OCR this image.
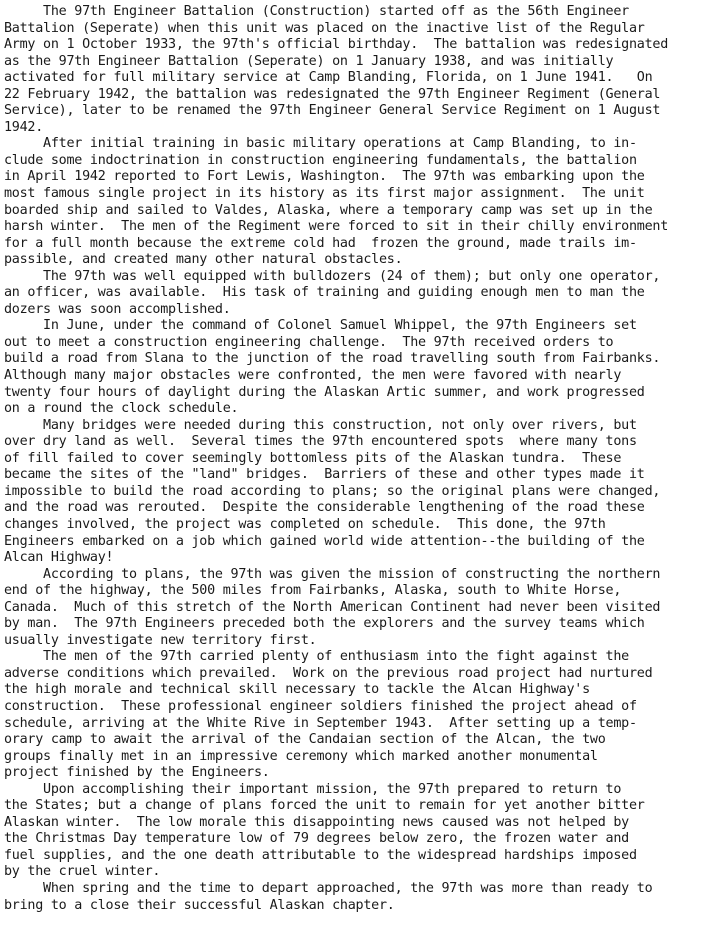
The 97th Engineer Battalion (Construction) started off as the 56th Engineer
Battalion (Seperate) when this unit was placed on the inactive list of the Regular
Army on 1 October 1933, the 97th's official birthday.  The battalion was redesignated
as the 97th Engineer Battalion (Seperate) on 1 January 1938, and was initially
activated for full military service at Camp Blanding, Florida, on 1 June 1941.   On
22 February 1942, the battalion was redesignated the 97th Engineer Regiment (General
Service), later to be renamed the 97th Engineer General Service Regiment on 1 August
1942.
After initial training in basic military operations at Camp Blanding, to in-
clude some indoctrination in construction engineering fundamentals, the battalion
in April 1942 reported to Fort Lewis, Washington.  The 97th was embarking upon the
most famous single project in its history as its first major assignment.  The unit
boarded ship and sailed to Valdes, Alaska, where a temporary camp was set up in the
harsh winter.  The men of the Regiment were forced to sit in their chilly environment
for a full month because the extreme cold had  frozen the ground, made trails im-
passible, and created many other natural obstacles.
The 97th was well equipped with bulldozers (24 of them); but only one operator,
an officer, was available.  His task of training and guiding enough men to man the
dozers was soon accomplished.
In June, under the command of Colonel Samuel Whippel, the 97th Engineers set
out to meet a construction engineering challenge.  The 97th received orders to
build a road from Slana to the junction of the road travelling south from Fairbanks.
Although many major obstacles were confronted, the men were favored with nearly
twenty four hours of daylight during the Alaskan Artic summer, and work progressed
on a round the clock schedule.
Many bridges were needed during this construction, not only over rivers, but
over dry land as well.  Several times the 97th encountered spots  where many tons
of fill failed to cover seemingly bottomless pits of the Alaskan tundra.  These
became the sites of the "land" bridges.  Barriers of these and other types made it
impossible to build the road according to plans; so the original plans were changed,
and the road was rerouted.  Despite the considerable lengthening of the road these
changes involved, the project was completed on schedule.  This done, the 97th
Engineers embarked on a job which gained world wide attention--the building of the
Alcan Highway!
According to plans, the 97th was given the mission of constructing the northern
end of the highway, the 500 miles from Fairbanks, Alaska, south to White Horse,
Canada.  Much of this stretch of the North American Continent had never been visited
by man.  The 97th Engineers preceded both the explorers and the survey teams which
usually investigate new territory first.
The men of the 97th carried plenty of enthusiasm into the fight against the
adverse conditions which prevailed.  Work on the previous road project had nurtured
the high morale and technical skill necessary to tackle the Alcan Highway's
construction.  These professional engineer soldiers finished the project ahead of
schedule, arriving at the White Rive in September 1943.  After setting up a temp-
orary camp to await the arrival of the Candaian section of the Alcan, the two
groups finally met in an impressive ceremony which marked another monumental
project finished by the Engineers.
Upon accomplishing their important mission, the 97th prepared to return to
the States; but a change of plans forced the unit to remain for yet another bitter
Alaskan winter.  The low morale this disappointing news caused was not helped by
the Christmas Day temperature low of 79 degrees below zero, the frozen water and
fuel supplies, and the one death attributable to the widespread hardships imposed
by the cruel winter.
When spring and the time to depart approached, the 97th was more than ready to
bring to a close their successful Alaskan chapter.
